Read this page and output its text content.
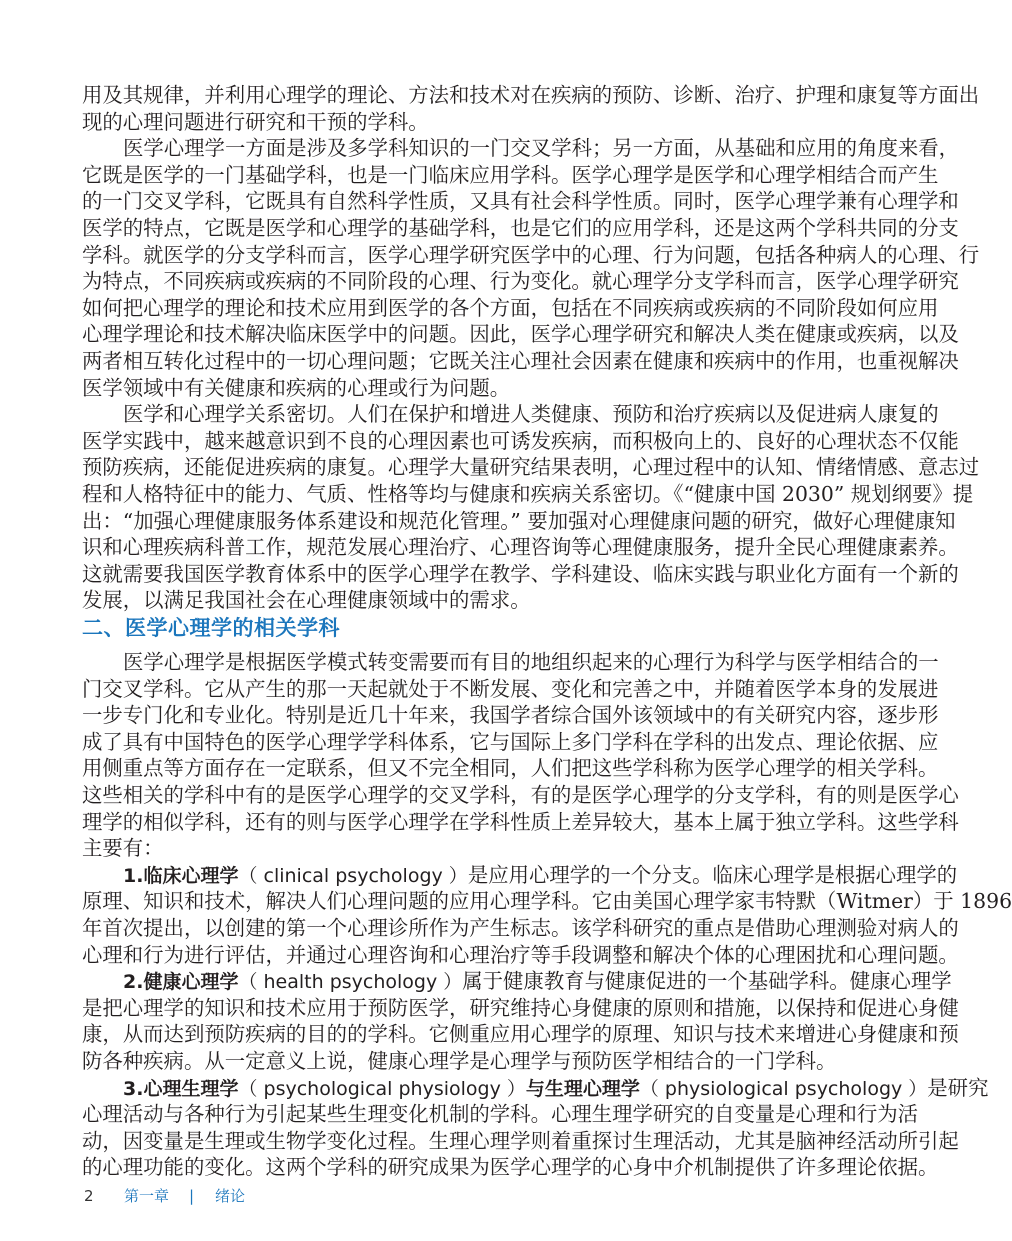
用及其规律，并利用心理学的理论、方法和技术对在疾病的预防、诊断、治疗、护理和康复等方面出
现的心理问题进行研究和干预的学科。
医学心理学一方面是涉及多学科知识的一门交叉学科；另一方面，从基础和应用的角度来看，
它既是医学的一门基础学科，也是一门临床应用学科。医学心理学是医学和心理学相结合而产生
的一门交叉学科，它既具有自然科学性质，又具有社会科学性质。同时，医学心理学兼有心理学和
医学的特点，它既是医学和心理学的基础学科，也是它们的应用学科，还是这两个学科共同的分支
学科。就医学的分支学科而言，医学心理学研究医学中的心理、行为问题，包括各种病人的心理、行
为特点，不同疾病或疾病的不同阶段的心理、行为变化。就心理学分支学科而言，医学心理学研究
如何把心理学的理论和技术应用到医学的各个方面，包括在不同疾病或疾病的不同阶段如何应用
心理学理论和技术解决临床医学中的问题。因此，医学心理学研究和解决人类在健康或疾病，以及
两者相互转化过程中的一切心理问题；它既关注心理社会因素在健康和疾病中的作用，也重视解决
医学领域中有关健康和疾病的心理或行为问题。
医学和心理学关系密切。人们在保护和增进人类健康、预防和治疗疾病以及促进病人康复的
医学实践中，越来越意识到不良的心理因素也可诱发疾病，而积极向上的、良好的心理状态不仅能
预防疾病，还能促进疾病的康复。心理学大量研究结果表明，心理过程中的认知、情绪情感、意志过
程和人格特征中的能力、气质、性格等均与健康和疾病关系密切。《“健康中国 2030” 规划纲要》提
出：“加强心理健康服务体系建设和规范化管理。” 要加强对心理健康问题的研究，做好心理健康知
识和心理疾病科普工作，规范发展心理治疗、心理咨询等心理健康服务，提升全民心理健康素养。
这就需要我国医学教育体系中的医学心理学在教学、学科建设、临床实践与职业化方面有一个新的
发展，以满足我国社会在心理健康领域中的需求。
二、医学心理学的相关学科
医学心理学是根据医学模式转变需要而有目的地组织起来的心理行为科学与医学相结合的一
门交叉学科。它从产生的那一天起就处于不断发展、变化和完善之中，并随着医学本身的发展进
一步专门化和专业化。特别是近几十年来，我国学者综合国外该领域中的有关研究内容，逐步形
成了具有中国特色的医学心理学学科体系，它与国际上多门学科在学科的出发点、理论依据、应
用侧重点等方面存在一定联系，但又不完全相同，人们把这些学科称为医学心理学的相关学科。
这些相关的学科中有的是医学心理学的交叉学科，有的是医学心理学的分支学科，有的则是医学心
理学的相似学科，还有的则与医学心理学在学科性质上差异较大，基本上属于独立学科。这些学科
主要有：
1.临床心理学（ clinical psychology ）是应用心理学的一个分支。临床心理学是根据心理学的
原理、知识和技术，解决人们心理问题的应用心理学科。它由美国心理学家韦特默（Witmer）于 1896
年首次提出，以创建的第一个心理诊所作为产生标志。该学科研究的重点是借助心理测验对病人的
心理和行为进行评估，并通过心理咨询和心理治疗等手段调整和解决个体的心理困扰和心理问题。
2.健康心理学（ health psychology ）属于健康教育与健康促进的一个基础学科。健康心理学
是把心理学的知识和技术应用于预防医学，研究维持心身健康的原则和措施，以保持和促进心身健
康，从而达到预防疾病的目的的学科。它侧重应用心理学的原理、知识与技术来增进心身健康和预
防各种疾病。从一定意义上说，健康心理学是心理学与预防医学相结合的一门学科。
3.心理生理学（ psychological physiology ）与生理心理学（ physiological psychology ）是研究
心理活动与各种行为引起某些生理变化机制的学科。心理生理学研究的自变量是心理和行为活
动，因变量是生理或生物学变化过程。生理心理学则着重探讨生理活动，尤其是脑神经活动所引起
的心理功能的变化。这两个学科的研究成果为医学心理学的心身中介机制提供了许多理论依据。
2 第一章 | 绪论
